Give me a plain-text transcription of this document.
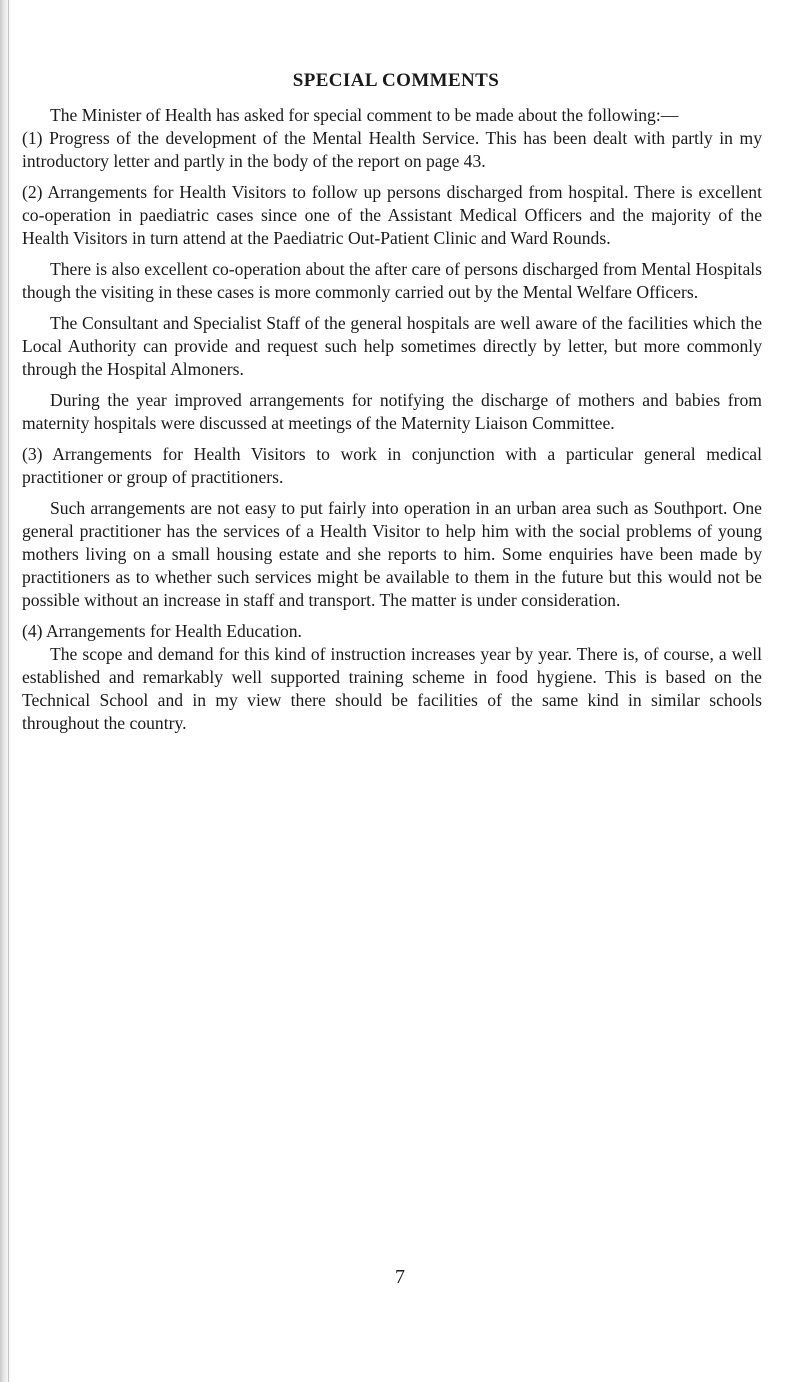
SPECIAL COMMENTS

The Minister of Health has asked for special comment to be made about the following:—

(1) Progress of the development of the Mental Health Service. This has been dealt with partly in my introductory letter and partly in the body of the report on page 43.

(2) Arrangements for Health Visitors to follow up persons discharged from hospital. There is excellent co-operation in paediatric cases since one of the Assistant Medical Officers and the majority of the Health Visitors in turn attend at the Paediatric Out-Patient Clinic and Ward Rounds.

There is also excellent co-operation about the after care of persons discharged from Mental Hospitals though the visiting in these cases is more commonly carried out by the Mental Welfare Officers.

The Consultant and Specialist Staff of the general hospitals are well aware of the facilities which the Local Authority can provide and request such help sometimes directly by letter, but more commonly through the Hospital Almoners.

During the year improved arrangements for notifying the discharge of mothers and babies from maternity hospitals were discussed at meetings of the Maternity Liaison Committee.

(3) Arrangements for Health Visitors to work in conjunction with a particular general medical practitioner or group of practitioners.

Such arrangements are not easy to put fairly into operation in an urban area such as Southport. One general practitioner has the services of a Health Visitor to help him with the social problems of young mothers living on a small housing estate and she reports to him. Some enquiries have been made by practitioners as to whether such services might be available to them in the future but this would not be possible without an increase in staff and transport. The matter is under consideration.

(4) Arrangements for Health Education.

The scope and demand for this kind of instruction increases year by year. There is, of course, a well established and remarkably well supported training scheme in food hygiene. This is based on the Technical School and in my view there should be facilities of the same kind in similar schools throughout the country.

7
